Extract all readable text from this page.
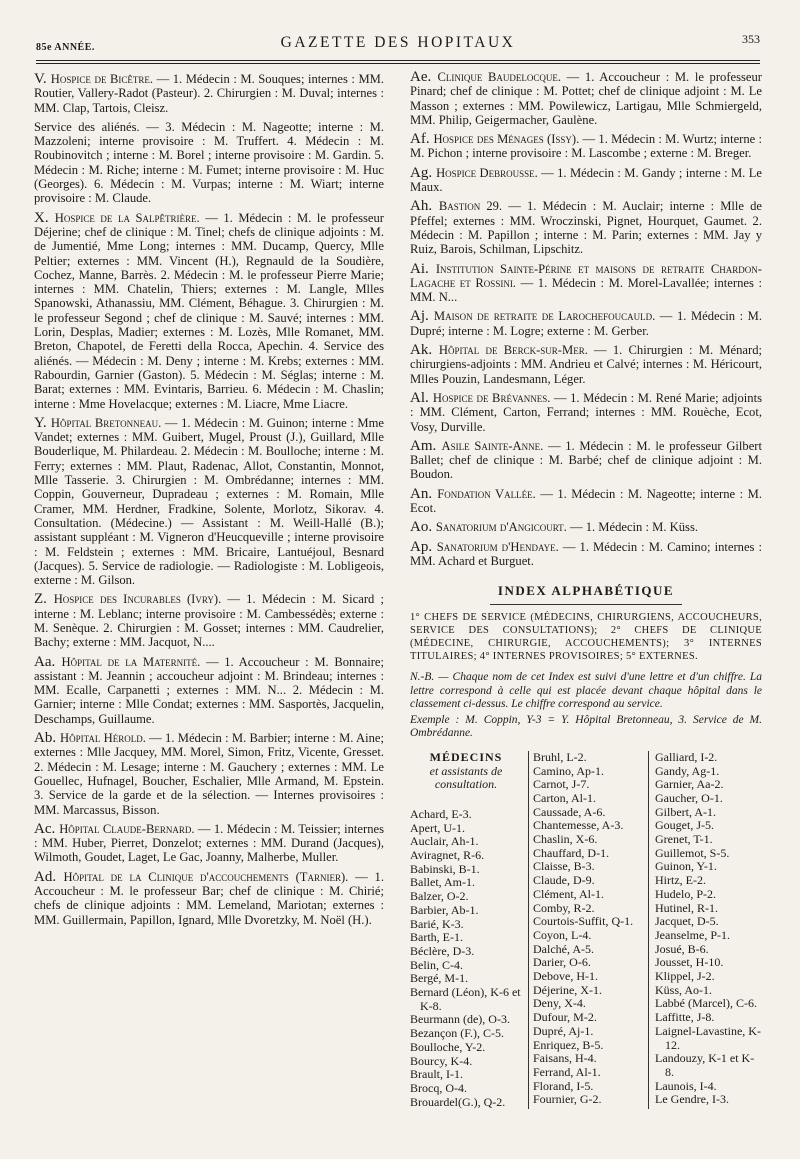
85e ANNÉE.	GAZETTE DES HOPITAUX	353

V. Hospice de Bicêtre. — 1. Médecin : M. Souques; internes : MM. Routier, Vallery-Radot (Pasteur). 2. Chirurgien : M. Duval; internes : MM. Clap, Tartois, Cleisz.

Service des aliénés. — 3. Médecin : M. Nageotte; interne : M. Mazzoleni; interne provisoire : M. Truffert. 4. Médecin : M. Roubinovitch ; interne : M. Borel ; interne provisoire : M. Gardin. 5. Médecin : M. Riche; interne : M. Fumet; interne provisoire : M. Huc (Georges). 6. Médecin : M. Vurpas; interne : M. Wiart; interne provisoire : M. Claude.

X. Hospice de la Salpêtrière. — 1. Médecin : M. le professeur Déjerine; chef de clinique : M. Tinel; chefs de clinique adjoints : M. de Jumentié, Mme Long; internes : MM. Ducamp, Quercy, Mlle Peltier; externes : MM. Vincent (H.), Regnauld de la Soudière, Cochez, Manne, Barrès. 2. Médecin : M. le professeur Pierre Marie; internes : MM. Chatelin, Thiers; externes : M. Langle, Mlles Spanowski, Athanassiu, MM. Clément, Béhague. 3. Chirurgien : M. le professeur Segond ; chef de clinique : M. Sauvé; internes : MM. Lorin, Desplas, Madier; externes : M. Lozès, Mlle Romanet, MM. Breton, Chapotel, de Feretti della Rocca, Apechin. 4. Service des aliénés. — Médecin : M. Deny ; interne : M. Krebs; externes : MM. Rabourdin, Garnier (Gaston). 5. Médecin : M. Séglas; interne : M. Barat; externes : MM. Evintaris, Barrieu. 6. Médecin : M. Chaslin; interne : Mme Hovelacque; externes : M. Liacre, Mme Liacre.

Y. Hôpital Bretonneau. — 1. Médecin : M. Guinon; interne : Mme Vandet; externes : MM. Guibert, Mugel, Proust (J.), Guillard, Mlle Bouderlique, M. Philardeau. 2. Médecin : M. Boulloche; interne : M. Ferry; externes : MM. Plaut, Radenac, Allot, Constantin, Monnot, Mlle Tasserie. 3. Chirurgien : M. Ombrédanne; internes : MM. Coppin, Gouverneur, Dupradeau ; externes : M. Romain, Mlle Cramer, MM. Herdner, Fradkine, Solente, Morlotz, Sikorav. 4. Consultation. (Médecine.) — Assistant : M. Weill-Hallé (B.); assistant suppléant : M. Vigneron d'Heucqueville ; interne provisoire : M. Feldstein ; externes : MM. Bricaire, Lantuéjoul, Besnard (Jacques). 5. Service de radiologie. — Radiologiste : M. Lobligeois, externe : M. Gilson.

Z. Hospice des Incurables (Ivry). — 1. Médecin : M. Sicard ; interne : M. Leblanc; interne provisoire : M. Cambessédès; externe : M. Senèque. 2. Chirurgien : M. Gosset; internes : MM. Caudrelier, Bachy; externe : MM. Jacquot, N....

Aa. Hôpital de la Maternité. — 1. Accoucheur : M. Bonnaire; assistant : M. Jeannin ; accoucheur adjoint : M. Brindeau; internes : MM. Ecalle, Carpanetti ; externes : MM. N... 2. Médecin : M. Garnier; interne : Mlle Condat; externes : MM. Sasportès, Jacquelin, Deschamps, Guillaume.

Ab. Hôpital Hérold. — 1. Médecin : M. Barbier; interne : M. Aine; externes : Mlle Jacquey, MM. Morel, Simon, Fritz, Vicente, Gresset. 2. Médecin : M. Lesage; interne : M. Gauchery ; externes : MM. Le Gouellec, Hufnagel, Boucher, Eschalier, Mlle Armand, M. Epstein. 3. Service de la garde et de la sélection. — Internes provisoires : MM. Marcassus, Bisson.

Ac. Hôpital Claude-Bernard. — 1. Médecin : M. Teissier; internes : MM. Huber, Pierret, Donzelot; externes : MM. Durand (Jacques), Wilmoth, Goudet, Laget, Le Gac, Joanny, Malherbe, Muller.

Ad. Hôpital de la Clinique d'accouchements (Tarnier). — 1. Accoucheur : M. le professeur Bar; chef de clinique : M. Chirié; chefs de clinique adjoints : MM. Lemeland, Mariotan; externes : MM. Guillermain, Papillon, Ignard, Mlle Dvoretzky, M. Noël (H.).

Ae. Clinique Baudelocque. — 1. Accoucheur : M. le professeur Pinard; chef de clinique : M. Pottet; chef de clinique adjoint : M. Le Masson ; externes : MM. Powilewicz, Lartigau, Mlle Schmiergeld, MM. Philip, Geigermacher, Gaulène.

Af. Hospice des Ménages (Issy). — 1. Médecin : M. Wurtz; interne : M. Pichon ; interne provisoire : M. Lascombe ; externe : M. Breger.

Ag. Hospice Debrousse. — 1. Médecin : M. Gandy ; interne : M. Le Maux.

Ah. Bastion 29. — 1. Médecin : M. Auclair; interne : Mlle de Pfeffel; externes : MM. Wroczinski, Pignet, Hourquet, Gaumet. 2. Médecin : M. Papillon ; interne : M. Parin; externes : MM. Jay y Ruiz, Barois, Schilman, Lipschitz.

Ai. Institution Sainte-Périne et maisons de retraite Chardon-Lagache et Rossini. — 1. Médecin : M. Morel-Lavallée; internes : MM. N...

Aj. Maison de retraite de Larochefoucauld. — 1. Médecin : M. Dupré; interne : M. Logre; externe : M. Gerber.

Ak. Hôpital de Berck-sur-Mer. — 1. Chirurgien : M. Ménard; chirurgiens-adjoints : MM. Andrieu et Calvé; internes : M. Héricourt, Mlles Pouzin, Landesmann, Léger.

Al. Hospice de Brévannes. — 1. Médecin : M. René Marie; adjoints : MM. Clément, Carton, Ferrand; internes : MM. Rouèche, Ecot, Vosy, Durville.

Am. Asile Sainte-Anne. — 1. Médecin : M. le professeur Gilbert Ballet; chef de clinique : M. Barbé; chef de clinique adjoint : M. Boudon.

An. Fondation Vallée. — 1. Médecin : M. Nageotte; interne : M. Ecot.

Ao. Sanatorium d'Angicourt. — 1. Médecin : M. Küss.

Ap. Sanatorium d'Hendaye. — 1. Médecin : M. Camino; internes : MM. Achard et Burguet.

INDEX ALPHABÉTIQUE
1° CHEFS DE SERVICE (MÉDECINS, CHIRURGIENS, ACCOUCHEURS, SERVICE DES CONSULTATIONS); 2° CHEFS DE CLINIQUE (MÉDECINE, CHIRURGIE, ACCOUCHEMENTS); 3° INTERNES TITULAIRES; 4° INTERNES PROVISOIRES; 5° EXTERNES.
N.-B. — Chaque nom de cet Index est suivi d'une lettre et d'un chiffre. La lettre correspond à celle qui est placée devant chaque hôpital dans le classement ci-dessus. Le chiffre correspond au service.
Exemple : M. Coppin, Y-3 = Y. Hôpital Bretonneau, 3. Service de M. Ombrédanne.
MÉDECINS
et assistants de consultation.
Achard, E-3.
Apert, U-1.
Auclair, Ah-1.
Aviragnet, R-6.
Babinski, B-1.
Ballet, Am-1.
Balzer, O-2.
Barbier, Ab-1.
Barié, K-3.
Barth, E-1.
Béclère, D-3.
Belin, C-4.
Bergé, M-1.
Bernard (Léon), K-6 et K-8.
Beurmann (de), O-3.
Bezançon (F.), C-5.
Boulloche, Y-2.
Bourcy, K-4.
Brault, I-1.
Brocq, O-4.
Brouardel(G.), Q-2.
Bruhl, L-2.
Camino, Ap-1.
Carnot, J-7.
Carton, Al-1.
Caussade, A-6.
Chantemesse, A-3.
Chaslin, X-6.
Chauffard, D-1.
Claisse, B-3.
Claude, D-9.
Clément, Al-1.
Comby, R-2.
Courtois-Suffit, Q-1.
Coyon, L-4.
Dalché, A-5.
Darier, O-6.
Debove, H-1.
Déjerine, X-1.
Deny, X-4.
Dufour, M-2.
Dupré, Aj-1.
Enriquez, B-5.
Faisans, H-4.
Ferrand, Al-1.
Florand, I-5.
Fournier, G-2.
Galliard, I-2.
Gandy, Ag-1.
Garnier, Aa-2.
Gaucher, O-1.
Gilbert, A-1.
Gouget, J-5.
Grenet, T-1.
Guillemot, S-5.
Guinon, Y-1.
Hirtz, E-2.
Hudelo, P-2.
Hutinel, R-1.
Jacquet, D-5.
Jeanselme, P-1.
Josué, B-6.
Jousset, H-10.
Klippel, J-2.
Küss, Ao-1.
Labbé (Marcel), C-6.
Laffitte, J-8.
Laignel-Lavastine, K-12.
Landouzy, K-1 et K-8.
Launois, I-4.
Le Gendre, I-3.
